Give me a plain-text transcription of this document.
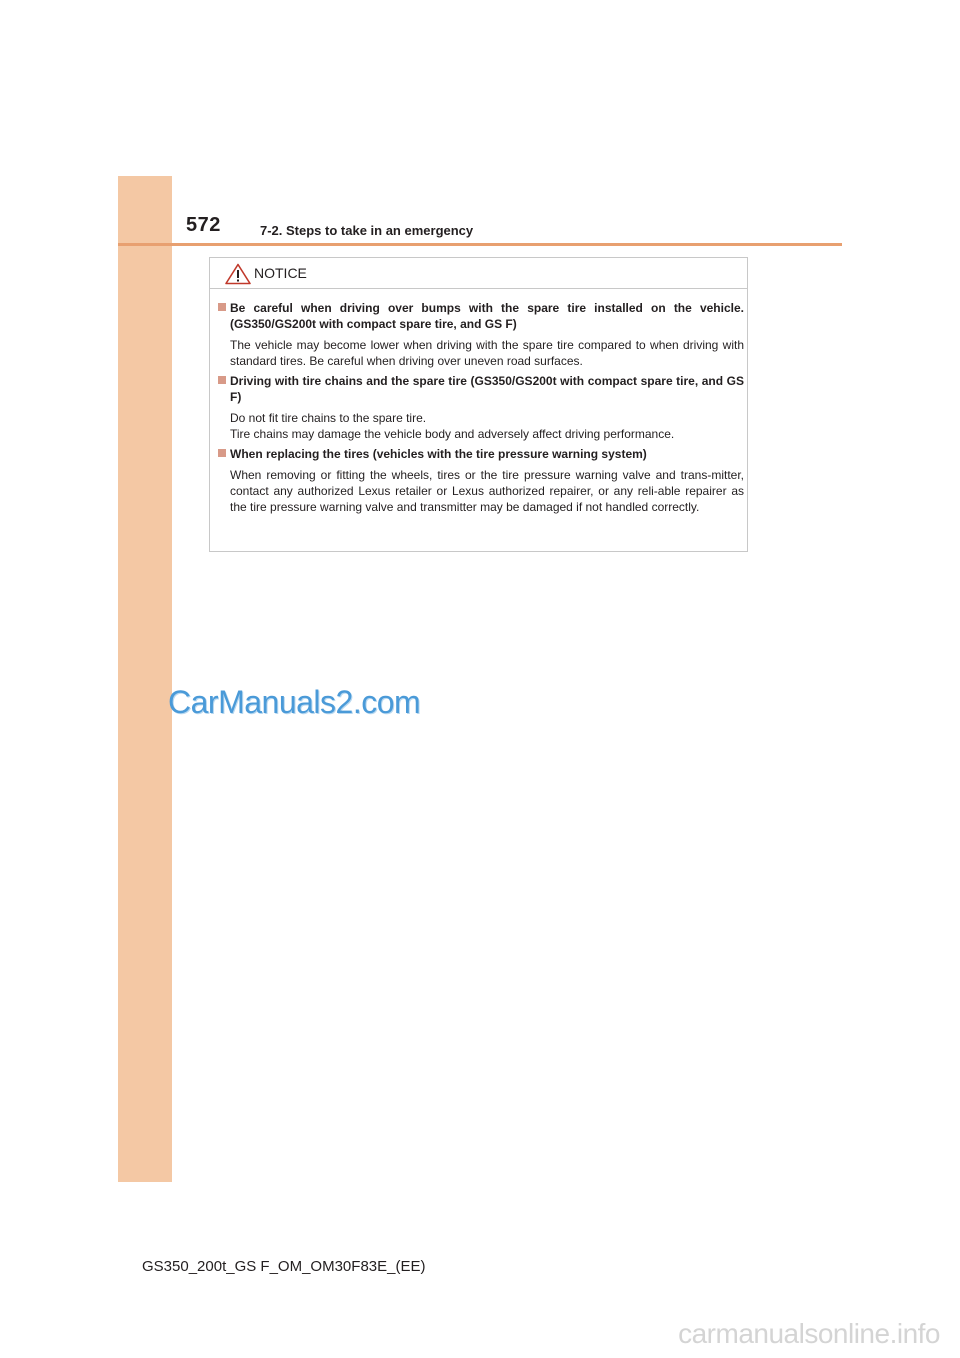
572	7-2. Steps to take in an emergency
NOTICE
Be careful when driving over bumps with the spare tire installed on the vehicle. (GS350/GS200t with compact spare tire, and GS F)
The vehicle may become lower when driving with the spare tire compared to when driving with standard tires. Be careful when driving over uneven road surfaces.
Driving with tire chains and the spare tire (GS350/GS200t with compact spare tire, and GS F)
Do not fit tire chains to the spare tire.
Tire chains may damage the vehicle body and adversely affect driving performance.
When replacing the tires (vehicles with the tire pressure warning system)
When removing or fitting the wheels, tires or the tire pressure warning valve and trans-mitter, contact any authorized Lexus retailer or Lexus authorized repairer, or any reli-able repairer as the tire pressure warning valve and transmitter may be damaged if not handled correctly.
CarManuals2.com
GS350_200t_GS F_OM_OM30F83E_(EE)
carmanualsonline.info
